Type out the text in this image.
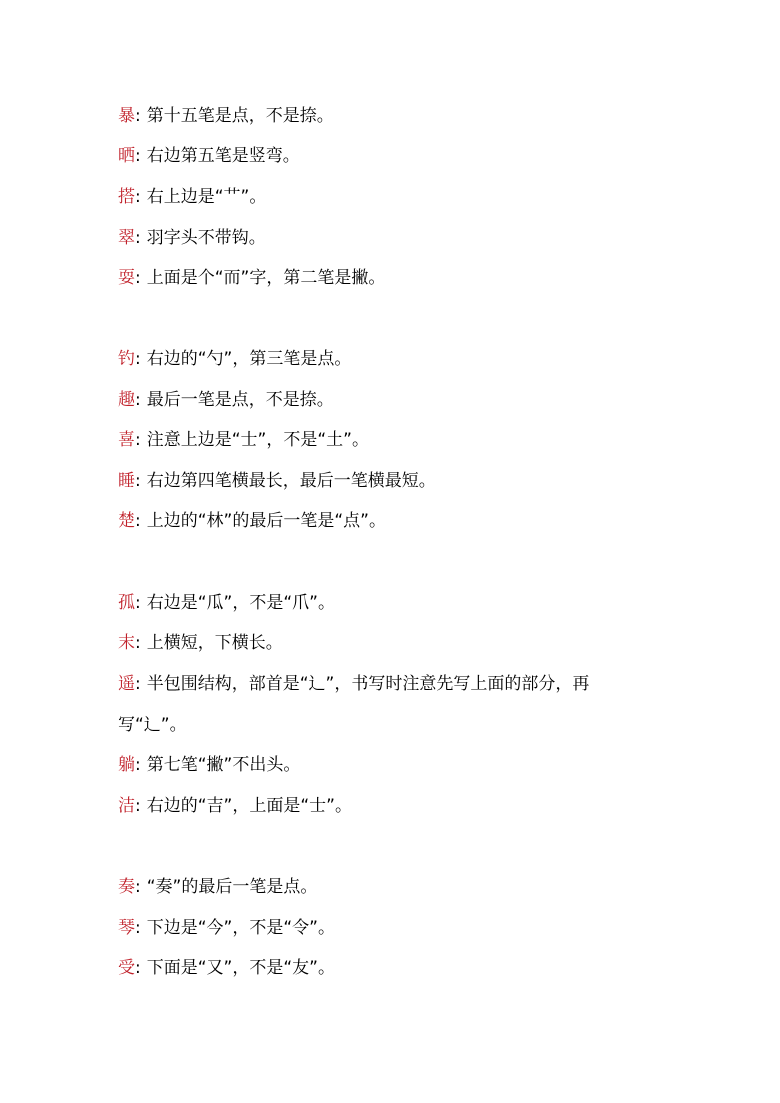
暴: 第十五笔是点，不是捺。
晒: 右边第五笔是竖弯。
搭: 右上边是“艹”。
翠: 羽字头不带钩。
耍: 上面是个“而”字，第二笔是撇。
钓: 右边的“勺”，第三笔是点。
趣: 最后一笔是点，不是捺。
喜: 注意上边是“士”，不是“土”。
睡: 右边第四笔横最长，最后一笔横最短。
楚: 上边的“林”的最后一笔是“点”。
孤: 右边是“瓜”，不是“爪”。
末: 上横短，下横长。
遥: 半包围结构，部首是“辶”，书写时注意先写上面的部分，再写“辶”。
躺: 第七笔“撇”不出头。
洁: 右边的“吉”，上面是“士”。
奏: “奏”的最后一笔是点。
琴: 下边是“今”，不是“令”。
受: 下面是“又”，不是“友”。
